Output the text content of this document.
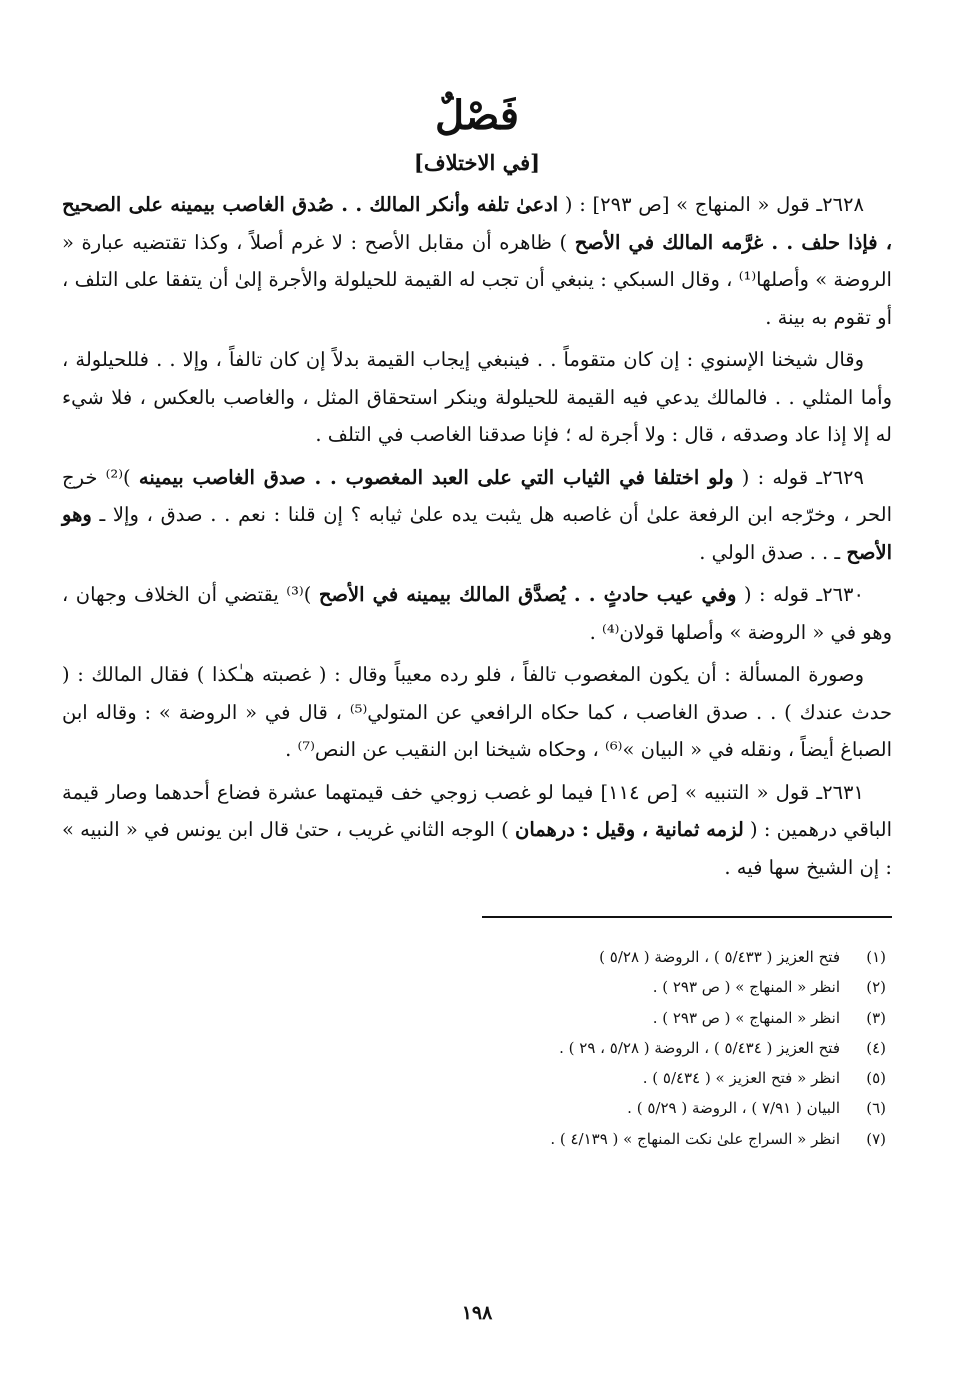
فَصْلٌ
[في الاختلاف]

٢٦٢٨ـ قول « المنهاج » [ص ٢٩٣] : ( ادعىٰ تلفه وأنكر المالك . . صُدق الغاصب بيمينه على الصحيح ، فإذا حلف . . غرَّمه المالك في الأصح ) ظاهره أن مقابل الأصح : لا غرم أصلاً ، وكذا تقتضيه عبارة « الروضة » وأصلها⁽¹⁾ ، وقال السبكي : ينبغي أن تجب له القيمة للحيلولة والأجرة إلىٰ أن يتفقا على التلف ، أو تقوم به بينة .

وقال شيخنا الإسنوي : إن كان متقوماً . . فينبغي إيجاب القيمة بدلاً إن كان تالفاً ، وإلا . . فللحيلولة ، وأما المثلي . . فالمالك يدعي فيه القيمة للحيلولة وينكر استحقاق المثل ، والغاصب بالعكس ، فلا شيء له إلا إذا عاد وصدقه ، قال : ولا أجرة له ؛ فإنا صدقنا الغاصب في التلف .

٢٦٢٩ـ قوله : ( ولو اختلفا في الثياب التي على العبد المغصوب . . صدق الغاصب بيمينه )⁽²⁾ خرج الحر ، وخرّجه ابن الرفعة علىٰ أن غاصبه هل يثبت يده علىٰ ثيابه ؟ إن قلنا : نعم . . صدق ، وإلا ـ وهو الأصح ـ . . صدق الولي .

٢٦٣٠ـ قوله : ( وفي عيب حادثٍ . . يُصدَّق المالك بيمينه في الأصح )⁽³⁾ يقتضي أن الخلاف وجهان ، وهو في « الروضة » وأصلها قولان⁽⁴⁾ .

وصورة المسألة : أن يكون المغصوب تالفاً ، فلو رده معيباً وقال : ( غصبته هـٰكذا ) فقال المالك : ( حدث عندك ) . . صدق الغاصب ، كما حكاه الرافعي عن المتولي⁽⁵⁾ ، قال في « الروضة » : وقاله ابن الصباغ أيضاً ، ونقله في « البيان »⁽⁶⁾ ، وحكاه شيخنا ابن النقيب عن النص⁽⁷⁾ .

٢٦٣١ـ قول « التنبيه » [ص ١١٤] فيما لو غصب زوجي خف قيمتهما عشرة فضاع أحدهما وصار قيمة الباقي درهمين : ( لزمه ثمانية ، وقيل : درهمان ) الوجه الثاني غريب ، حتىٰ قال ابن يونس في « النبيه » : إن الشيخ سها فيه .

(١)
فتح العزيز ( ٥/٤٣٣ ) ، الروضة ( ٥/٢٨ )
(٢)
انظر « المنهاج » ( ص ٢٩٣ ) .
(٣)
انظر « المنهاج » ( ص ٢٩٣ ) .
(٤)
فتح العزيز ( ٥/٤٣٤ ) ، الروضة ( ٥/٢٨ ، ٢٩ ) .
(٥)
انظر « فتح العزيز » ( ٥/٤٣٤ ) .
(٦)
البيان ( ٧/٩١ ) ، الروضة ( ٥/٢٩ ) .
(٧)
انظر « السراج علىٰ نكت المنهاج » ( ٤/١٣٩ ) .
١٩٨
